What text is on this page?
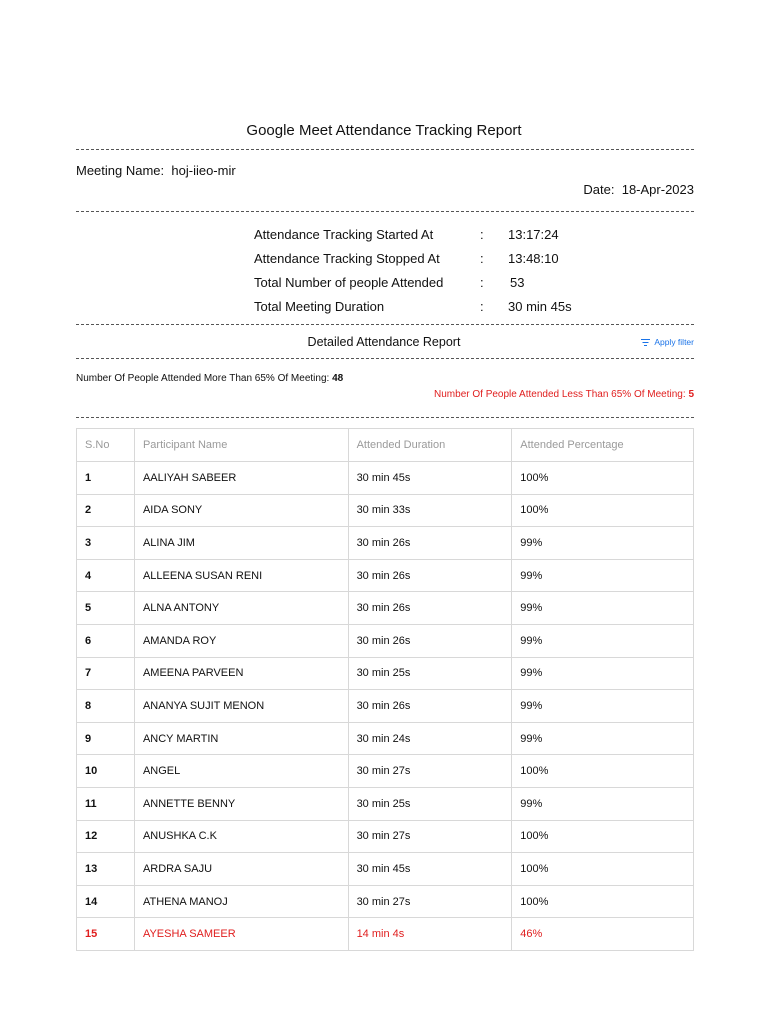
Google Meet Attendance Tracking Report
Meeting Name: hoj-iieo-mir
Date: 18-Apr-2023
Attendance Tracking Started At	:	13:17:24
Attendance Tracking Stopped At	:	13:48:10
Total Number of people Attended	:	53
Total Meeting Duration	:	30 min 45s
Detailed Attendance Report	Apply filter
Number Of People Attended More Than 65% Of Meeting: 48
Number Of People Attended Less Than 65% Of Meeting: 5
S.No	Participant Name	Attended Duration	Attended Percentage
1	AALIYAH SABEER	30 min 45s	100%
2	AIDA SONY	30 min 33s	100%
3	ALINA JIM	30 min 26s	99%
4	ALLEENA SUSAN RENI	30 min 26s	99%
5	ALNA ANTONY	30 min 26s	99%
6	AMANDA ROY	30 min 26s	99%
7	AMEENA PARVEEN	30 min 25s	99%
8	ANANYA SUJIT MENON	30 min 26s	99%
9	ANCY MARTIN	30 min 24s	99%
10	ANGEL	30 min 27s	100%
11	ANNETTE BENNY	30 min 25s	99%
12	ANUSHKA C.K	30 min 27s	100%
13	ARDRA SAJU	30 min 45s	100%
14	ATHENA MANOJ	30 min 27s	100%
15	AYESHA SAMEER	14 min 4s	46%
